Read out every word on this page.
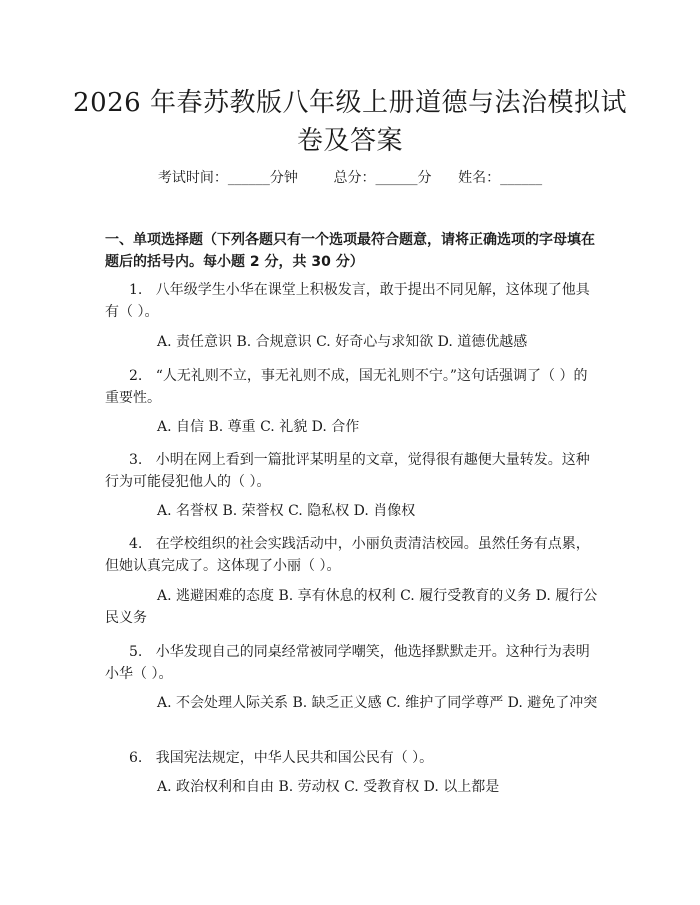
2026 年春苏教版八年级上册道德与法治模拟试卷及答案
考试时间：______分钟	总分：______分 姓名：______

一、单项选择题（下列各题只有一个选项最符合题意，请将正确选项的字母填在题后的括号内。每小题 2 分，共 30 分）

1. 八年级学生小华在课堂上积极发言，敢于提出不同见解，这体现了他具有（ ）。

A. 责任意识 B. 合规意识 C. 好奇心与求知欲 D. 道德优越感

2. “人无礼则不立，事无礼则不成，国无礼则不宁。”这句话强调了（ ）的重要性。

A. 自信 B. 尊重 C. 礼貌 D. 合作

3. 小明在网上看到一篇批评某明星的文章，觉得很有趣便大量转发。这种行为可能侵犯他人的（ ）。

A. 名誉权 B. 荣誉权 C. 隐私权 D. 肖像权

4. 在学校组织的社会实践活动中，小丽负责清洁校园。虽然任务有点累，但她认真完成了。这体现了小丽（ ）。

A. 逃避困难的态度 B. 享有休息的权利 C. 履行受教育的义务 D. 履行公民义务

5. 小华发现自己的同桌经常被同学嘲笑，他选择默默走开。这种行为表明小华（ ）。

A. 不会处理人际关系 B. 缺乏正义感 C. 维护了同学尊严 D. 避免了冲突

6. 我国宪法规定，中华人民共和国公民有（ ）。

A. 政治权利和自由 B. 劳动权 C. 受教育权 D. 以上都是
